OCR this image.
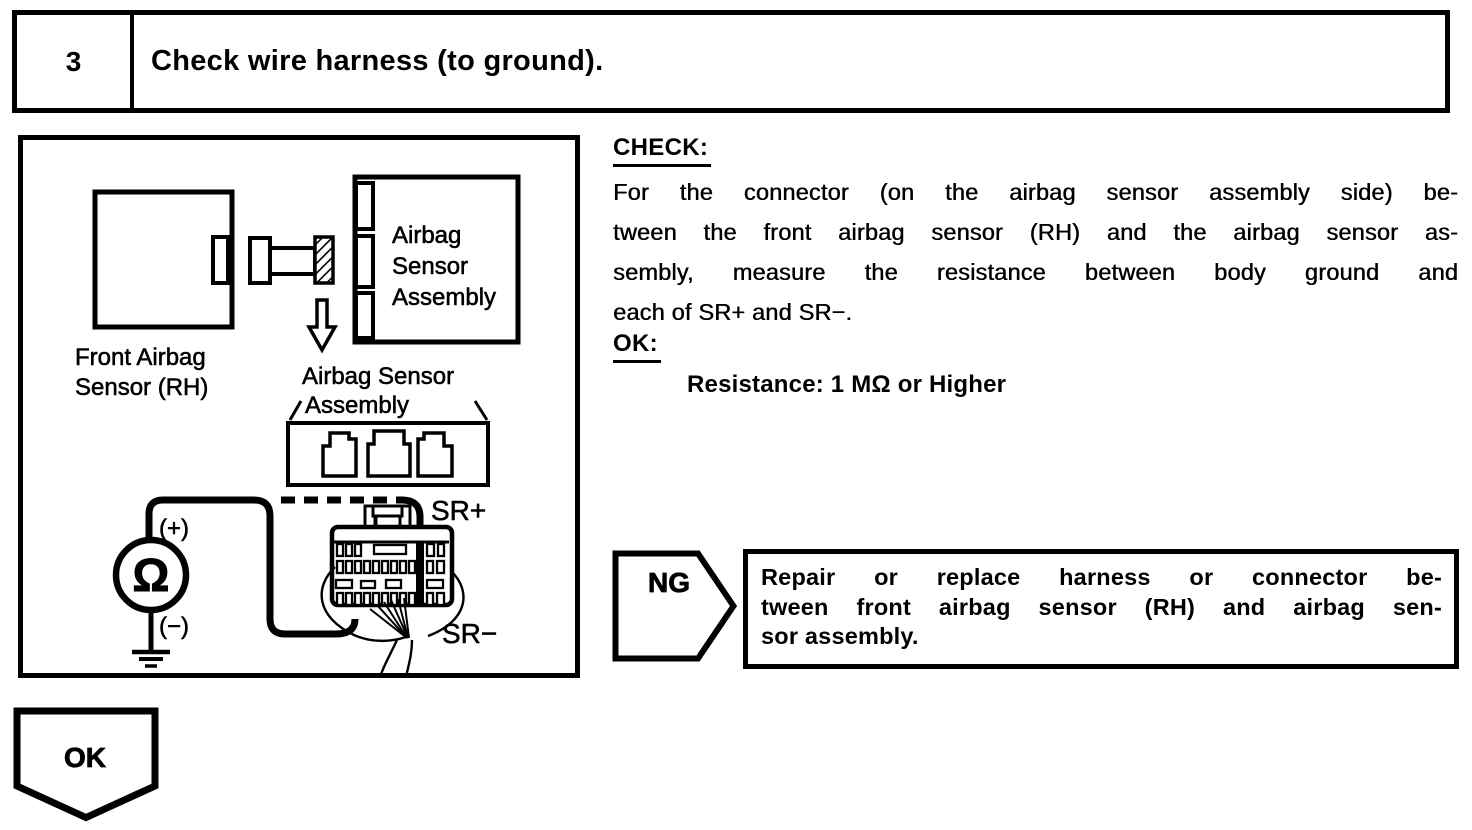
3	Check wire harness (to ground).
Airbag
Sensor
Assembly
Front Airbag
Sensor (RH)	Airbag Sensor
Assembly
Ω
(+)
(−)
SR+
SR−
CHECK:
For the connector (on the airbag sensor assembly side) be-
tween the front airbag sensor (RH) and the airbag sensor as-
sembly, measure the resistance between body ground and
each of SR+ and SR−.
OK:
Resistance: 1 MΩ or Higher
NG	Repair or replace harness or connector be-
tween front airbag sensor (RH) and airbag sen-
sor assembly.
OK
